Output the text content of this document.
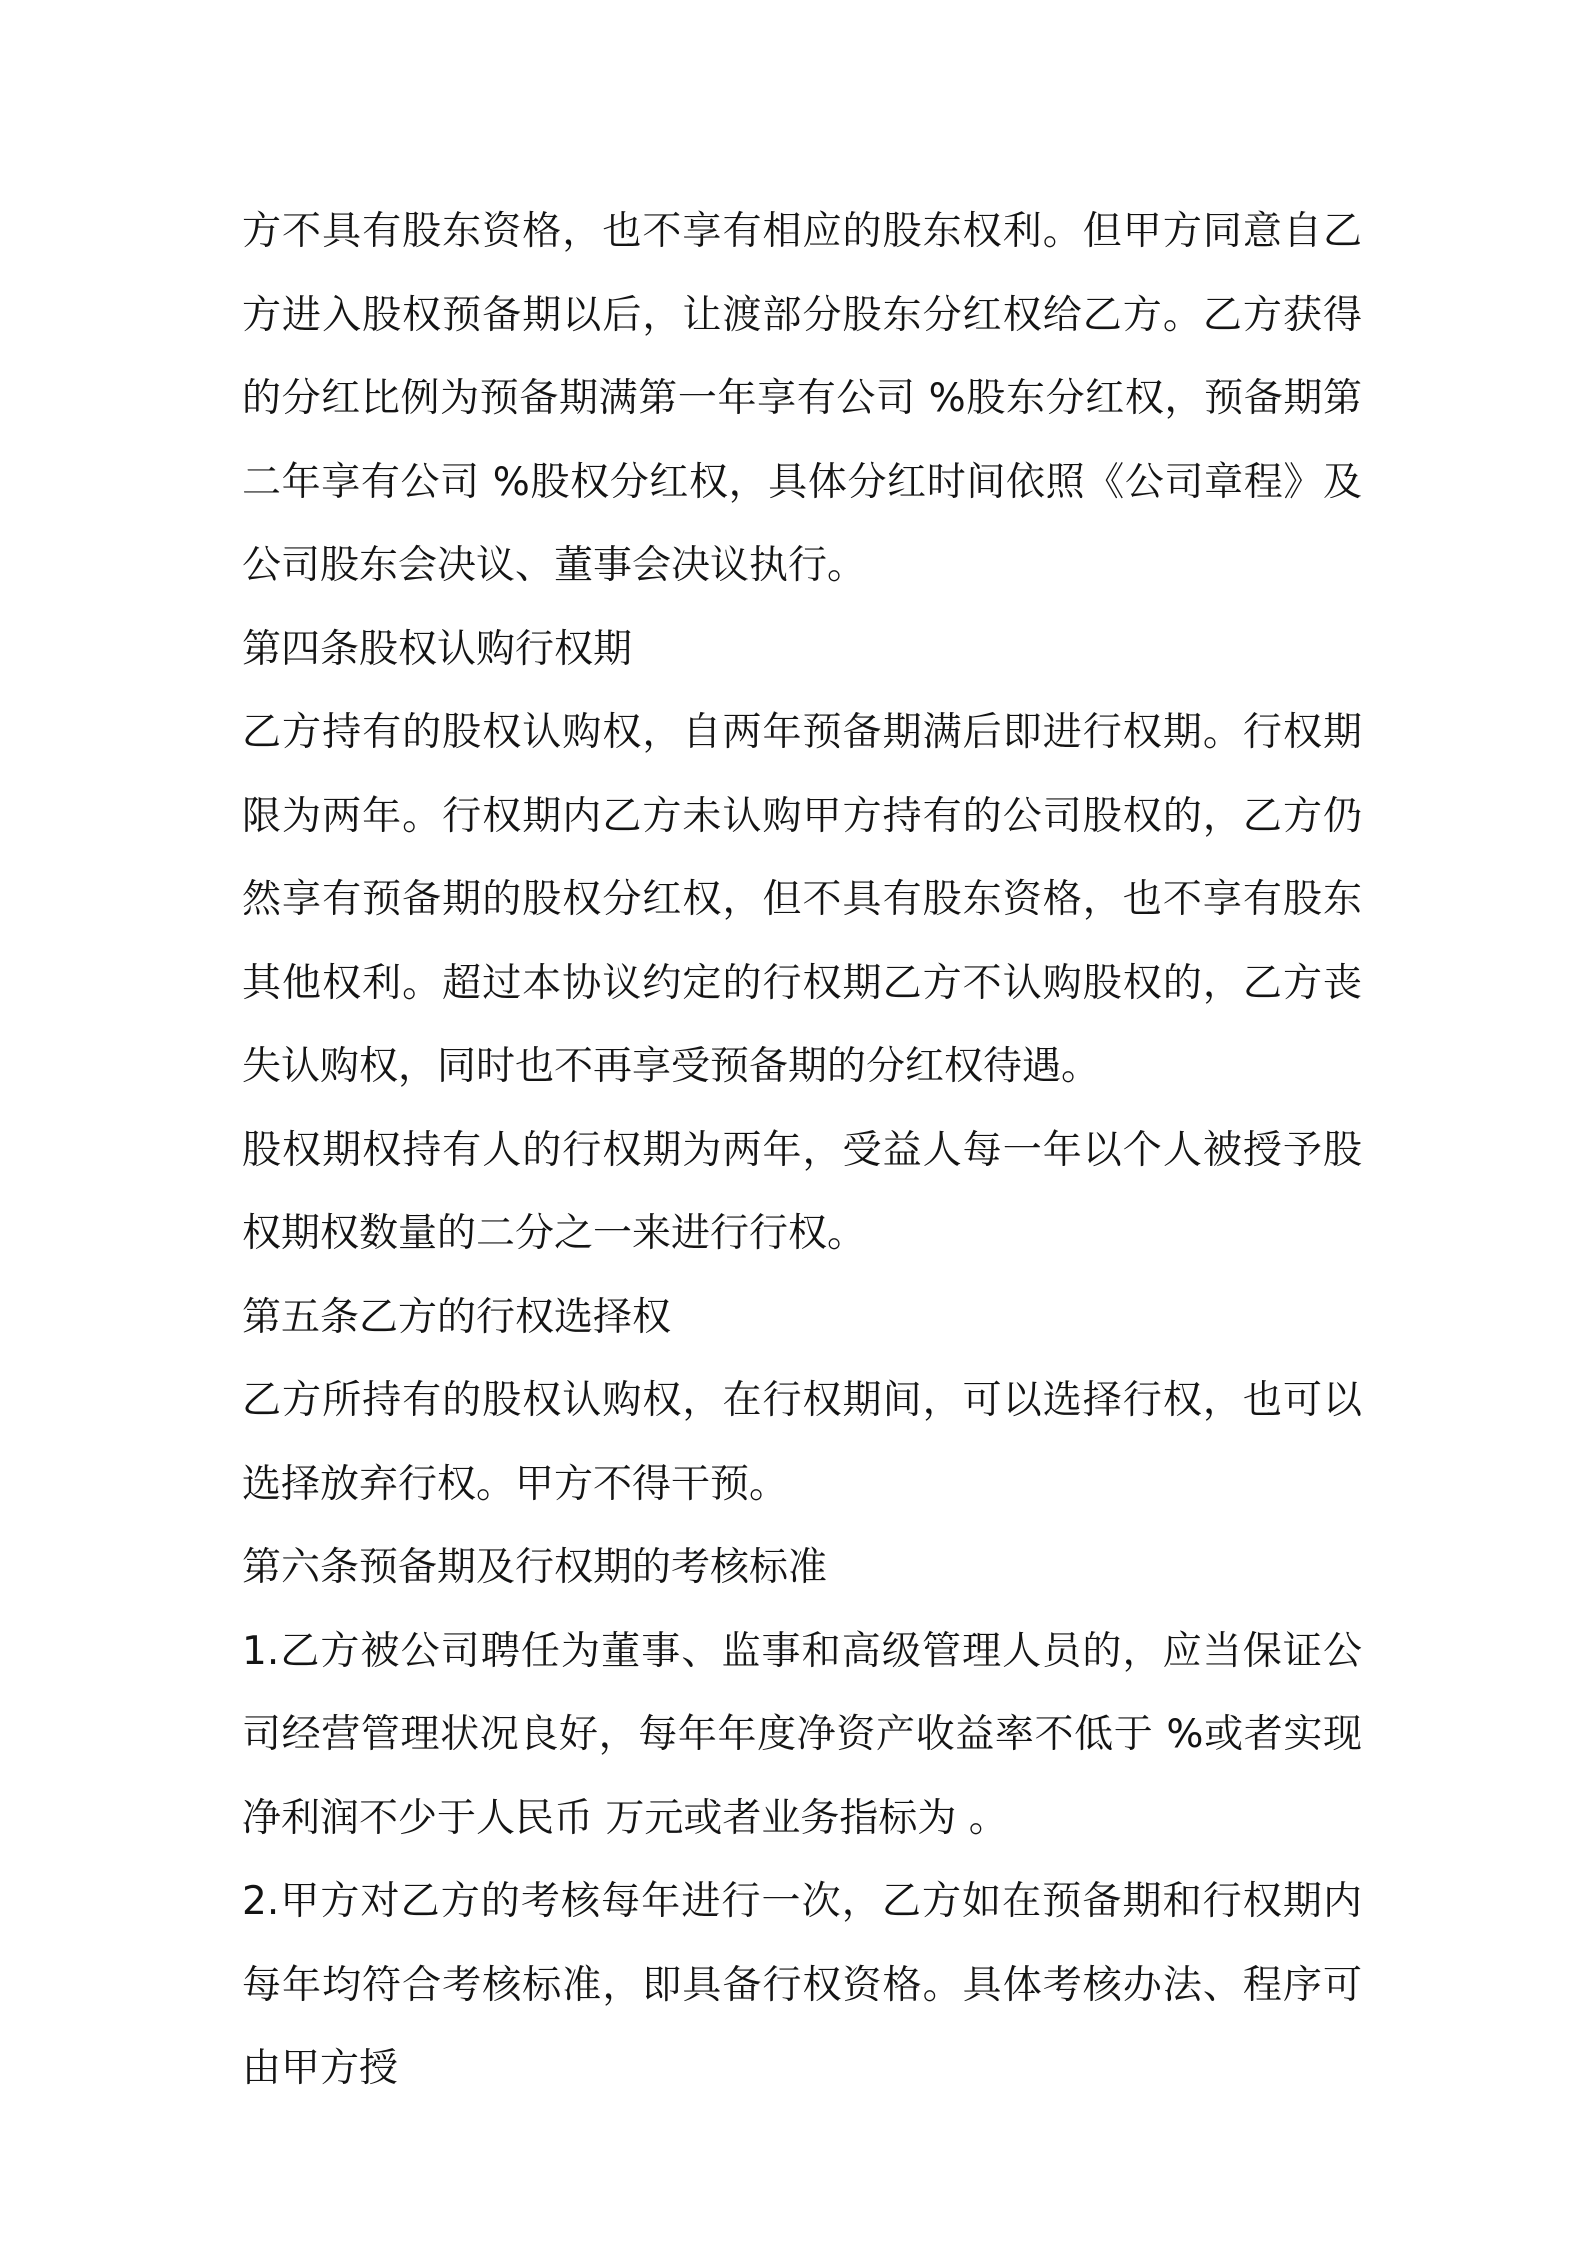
方不具有股东资格，也不享有相应的股东权利。但甲方同意自乙方进入股权预备期以后，让渡部分股东分红权给乙方。乙方获得的分红比例为预备期满第一年享有公司 %股东分红权，预备期第二年享有公司 %股权分红权，具体分红时间依照《公司章程》及公司股东会决议、董事会决议执行。

第四条股权认购行权期

乙方持有的股权认购权，自两年预备期满后即进行权期。行权期限为两年。行权期内乙方未认购甲方持有的公司股权的，乙方仍然享有预备期的股权分红权，但不具有股东资格，也不享有股东其他权利。超过本协议约定的行权期乙方不认购股权的，乙方丧失认购权，同时也不再享受预备期的分红权待遇。

股权期权持有人的行权期为两年，受益人每一年以个人被授予股权期权数量的二分之一来进行行权。

第五条乙方的行权选择权

乙方所持有的股权认购权，在行权期间，可以选择行权，也可以选择放弃行权。甲方不得干预。

第六条预备期及行权期的考核标准

1.乙方被公司聘任为董事、监事和高级管理人员的，应当保证公司经营管理状况良好，每年年度净资产收益率不低于 %或者实现净利润不少于人民币 万元或者业务指标为 。

2.甲方对乙方的考核每年进行一次，乙方如在预备期和行权期内每年均符合考核标准，即具备行权资格。具体考核办法、程序可由甲方授
